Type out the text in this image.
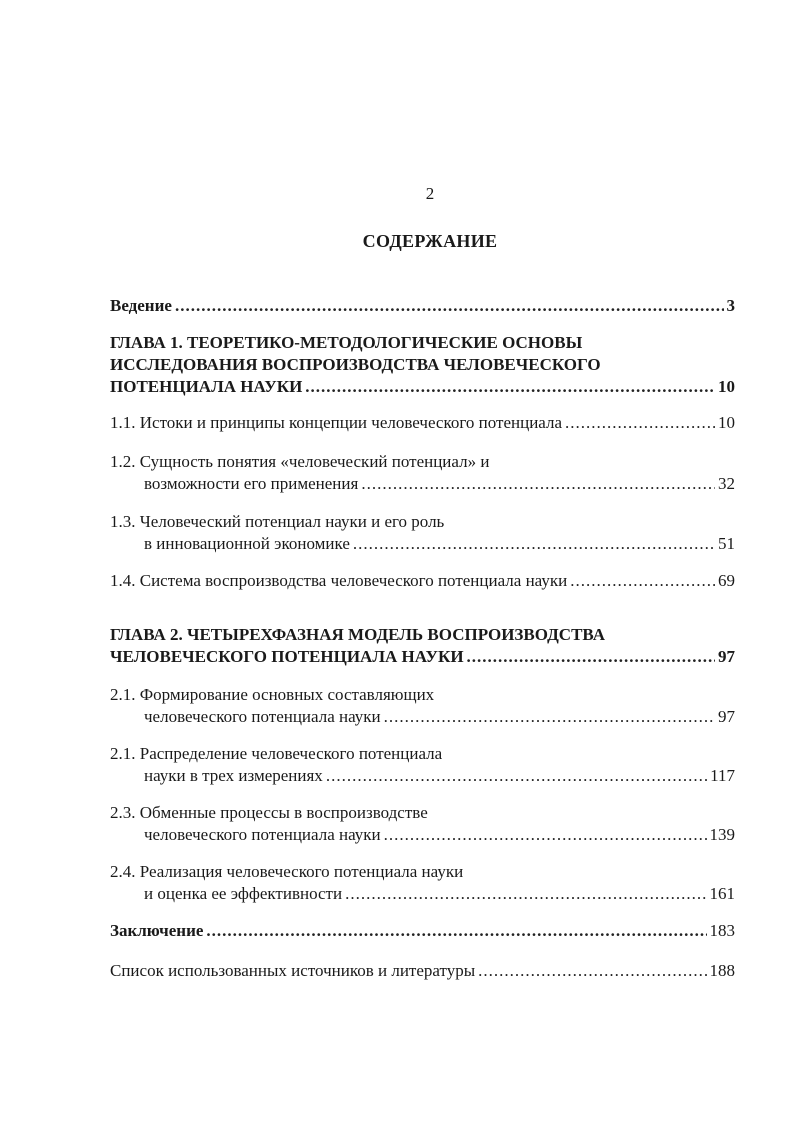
2
СОДЕРЖАНИЕ
Ведение .....	3
ГЛАВА 1. ТЕОРЕТИКО-МЕТОДОЛОГИЧЕСКИЕ ОСНОВЫ
ИССЛЕДОВАНИЯ ВОСПРОИЗВОДСТВА ЧЕЛОВЕЧЕСКОГО
ПОТЕНЦИАЛА НАУКИ .....	10
1.1. Истоки и принципы концепции человеческого потенциала .....	10
1.2. Сущность понятия «человеческий потенциал» и
возможности его применения .....	32
1.3. Человеческий потенциал науки и его роль
в инновационной экономике .....	51
1.4. Система воспроизводства человеческого потенциала науки .....	69
ГЛАВА 2. ЧЕТЫРЕХФАЗНАЯ МОДЕЛЬ ВОСПРОИЗВОДСТВА
ЧЕЛОВЕЧЕСКОГО ПОТЕНЦИАЛА НАУКИ .....	97
2.1. Формирование основных составляющих
человеческого потенциала науки .....	97
2.1. Распределение человеческого потенциала
науки в трех измерениях .....	117
2.3. Обменные процессы в воспроизводстве
человеческого потенциала науки .....	139
2.4. Реализация человеческого потенциала науки
и оценка ее эффективности .....	161
Заключение .....	183
Список использованных источников и литературы .....	188
